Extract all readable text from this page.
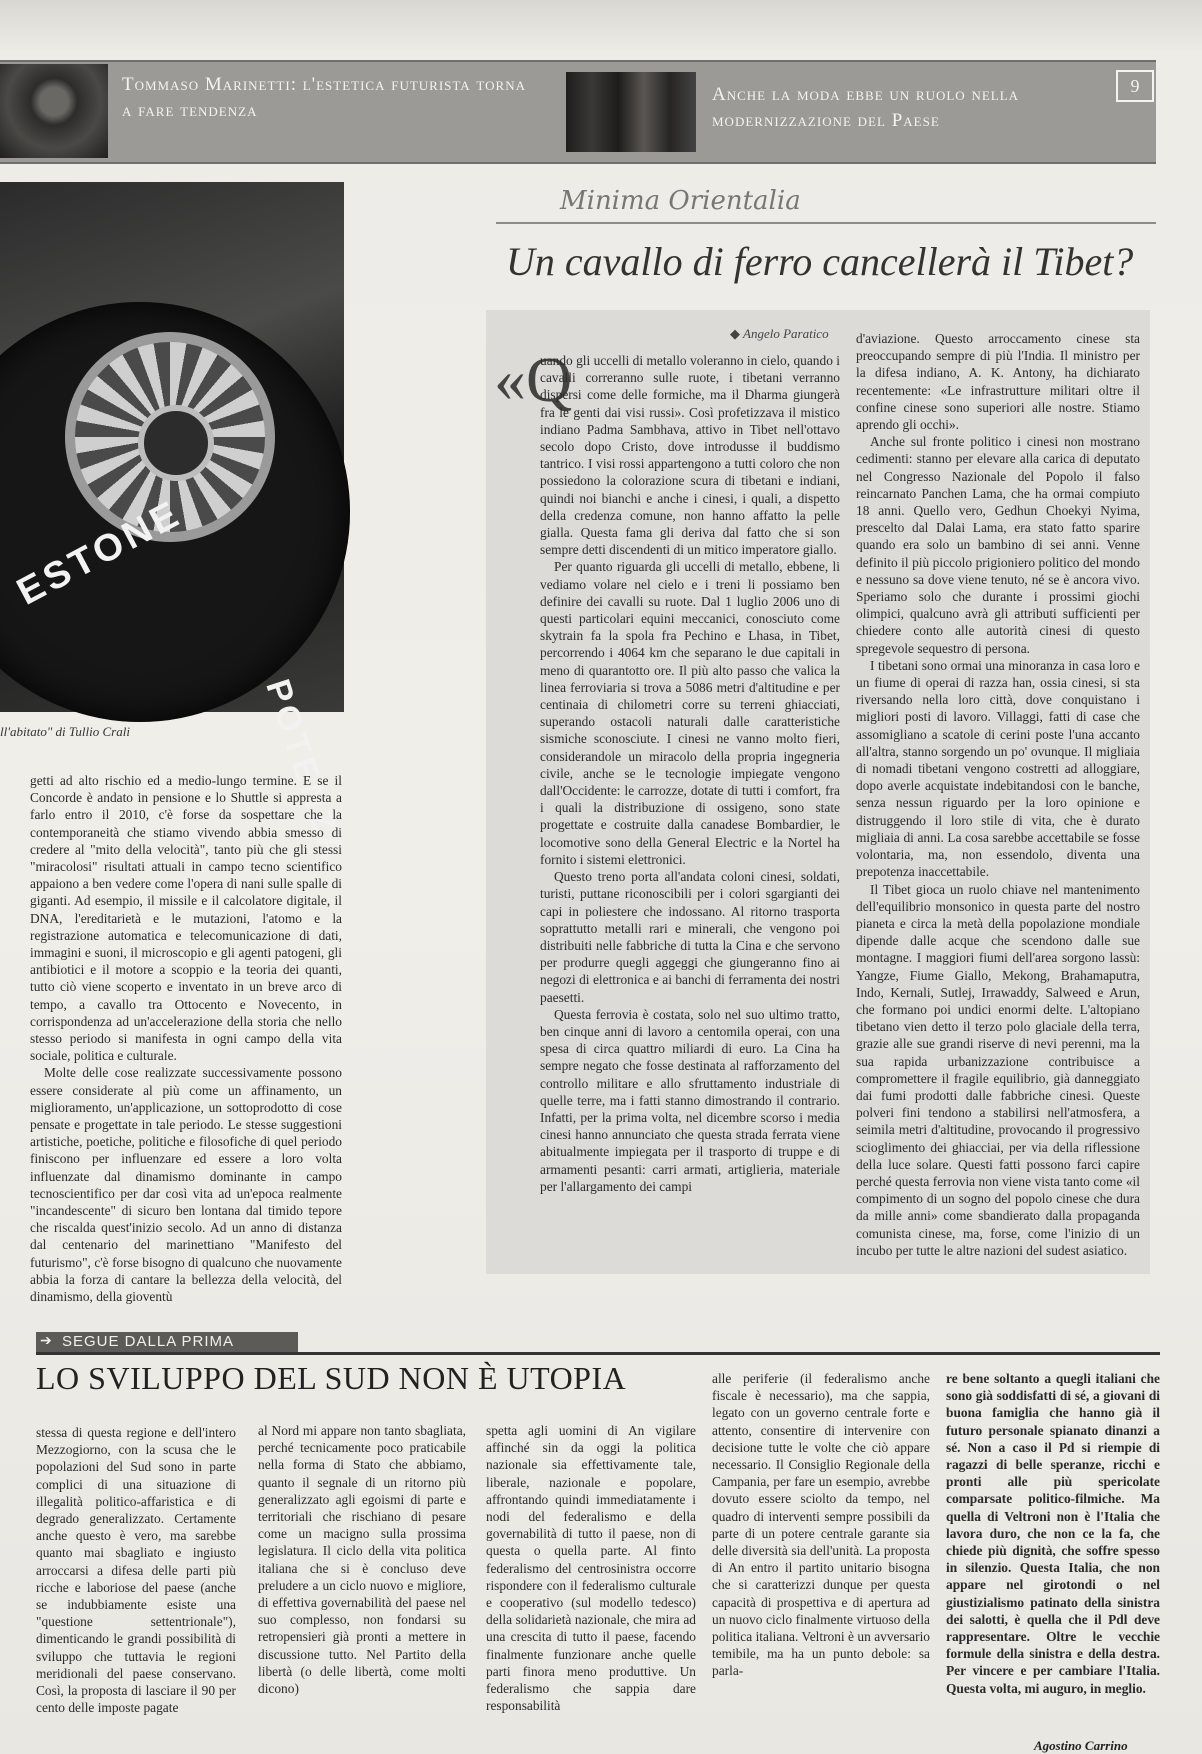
Tommaso Marinetti: l'estetica futurista torna a fare tendenza
Anche la moda ebbe un ruolo nella modernizzazione del Paese
9
ESTONE
POTENZA
ll'abitato" di Tullio Crali

getti ad alto rischio ed a medio-lungo termine. E se il Concorde è andato in pensione e lo Shuttle si appresta a farlo entro il 2010, c'è forse da sospettare che la contemporaneità che stiamo vivendo abbia smesso di credere al "mito della velocità", tanto più che gli stessi "miracolosi" risultati attuali in campo tecno scientifico appaiono a ben vedere come l'opera di nani sulle spalle di giganti. Ad esempio, il missile e il calcolatore digitale, il DNA, l'ereditarietà e le mutazioni, l'atomo e la registrazione automatica e telecomunicazione di dati, immagini e suoni, il microscopio e gli agenti patogeni, gli antibiotici e il motore a scoppio e la teoria dei quanti, tutto ciò viene scoperto e inventato in un breve arco di tempo, a cavallo tra Ottocento e Novecento, in corrispondenza ad un'accelerazione della storia che nello stesso periodo si manifesta in ogni campo della vita sociale, politica e culturale.

Molte delle cose realizzate successivamente possono essere considerate al più come un affinamento, un miglioramento, un'applicazione, un sottoprodotto di cose pensate e progettate in tale periodo. Le stesse suggestioni artistiche, poetiche, politiche e filosofiche di quel periodo finiscono per influenzare ed essere a loro volta influenzate dal dinamismo dominante in campo tecnoscientifico per dar così vita ad un'epoca realmente "incandescente" di sicuro ben lontana dal timido tepore che riscalda quest'inizio secolo. Ad un anno di distanza dal centenario del marinettiano "Manifesto del futurismo", c'è forse bisogno di qualcuno che nuovamente abbia la forza di cantare la bellezza della velocità, del dinamismo, della gioventù

Minima Orientalia
Un cavallo di ferro cancellerà il Tibet?
◆ Angelo Paratico
«Q

uando gli uccelli di metallo voleranno in cielo, quando i cavalli correranno sulle ruote, i tibetani verranno dispersi come delle formiche, ma il Dharma giungerà fra le genti dai visi russi». Così profetizzava il mistico indiano Padma Sambhava, attivo in Tibet nell'ottavo secolo dopo Cristo, dove introdusse il buddismo tantrico. I visi rossi appartengono a tutti coloro che non possiedono la colorazione scura di tibetani e indiani, quindi noi bianchi e anche i cinesi, i quali, a dispetto della credenza comune, non hanno affatto la pelle gialla. Questa fama gli deriva dal fatto che si son sempre detti discendenti di un mitico imperatore giallo.

Per quanto riguarda gli uccelli di metallo, ebbene, li vediamo volare nel cielo e i treni li possiamo ben definire dei cavalli su ruote. Dal 1 luglio 2006 uno di questi particolari equini meccanici, conosciuto come skytrain fa la spola fra Pechino e Lhasa, in Tibet, percorrendo i 4064 km che separano le due capitali in meno di quarantotto ore. Il più alto passo che valica la linea ferroviaria si trova a 5086 metri d'altitudine e per centinaia di chilometri corre su terreni ghiacciati, superando ostacoli naturali dalle caratteristiche sismiche sconosciute. I cinesi ne vanno molto fieri, considerandole un miracolo della propria ingegneria civile, anche se le tecnologie impiegate vengono dall'Occidente: le carrozze, dotate di tutti i comfort, fra i quali la distribuzione di ossigeno, sono state progettate e costruite dalla canadese Bombardier, le locomotive sono della General Electric e la Nortel ha fornito i sistemi elettronici.

Questo treno porta all'andata coloni cinesi, soldati, turisti, puttane riconoscibili per i colori sgargianti dei capi in poliestere che indossano. Al ritorno trasporta soprattutto metalli rari e minerali, che vengono poi distribuiti nelle fabbriche di tutta la Cina e che servono per produrre quegli aggeggi che giungeranno fino ai negozi di elettronica e ai banchi di ferramenta dei nostri paesetti.

Questa ferrovia è costata, solo nel suo ultimo tratto, ben cinque anni di lavoro a centomila operai, con una spesa di circa quattro miliardi di euro. La Cina ha sempre negato che fosse destinata al rafforzamento del controllo militare e allo sfruttamento industriale di quelle terre, ma i fatti stanno dimostrando il contrario. Infatti, per la prima volta, nel dicembre scorso i media cinesi hanno annunciato che questa strada ferrata viene abitualmente impiegata per il trasporto di truppe e di armamenti pesanti: carri armati, artiglieria, materiale per l'allargamento dei campi

d'aviazione. Questo arroccamento cinese sta preoccupando sempre di più l'India. Il ministro per la difesa indiano, A. K. Antony, ha dichiarato recentemente: «Le infrastrutture militari oltre il confine cinese sono superiori alle nostre. Stiamo aprendo gli occhi».

Anche sul fronte politico i cinesi non mostrano cedimenti: stanno per elevare alla carica di deputato nel Congresso Nazionale del Popolo il falso reincarnato Panchen Lama, che ha ormai compiuto 18 anni. Quello vero, Gedhun Choekyi Nyima, prescelto dal Dalai Lama, era stato fatto sparire quando era solo un bambino di sei anni. Venne definito il più piccolo prigioniero politico del mondo e nessuno sa dove viene tenuto, né se è ancora vivo. Speriamo solo che durante i prossimi giochi olimpici, qualcuno avrà gli attributi sufficienti per chiedere conto alle autorità cinesi di questo spregevole sequestro di persona.

I tibetani sono ormai una minoranza in casa loro e un fiume di operai di razza han, ossia cinesi, si sta riversando nella loro città, dove conquistano i migliori posti di lavoro. Villaggi, fatti di case che assomigliano a scatole di cerini poste l'una accanto all'altra, stanno sorgendo un po' ovunque. Il migliaia di nomadi tibetani vengono costretti ad alloggiare, dopo averle acquistate indebitandosi con le banche, senza nessun riguardo per la loro opinione e distruggendo il loro stile di vita, che è durato migliaia di anni. La cosa sarebbe accettabile se fosse volontaria, ma, non essendolo, diventa una prepotenza inaccettabile.

Il Tibet gioca un ruolo chiave nel mantenimento dell'equilibrio monsonico in questa parte del nostro pianeta e circa la metà della popolazione mondiale dipende dalle acque che scendono dalle sue montagne. I maggiori fiumi dell'area sorgono lassù: Yangze, Fiume Giallo, Mekong, Brahamaputra, Indo, Kernali, Sutlej, Irrawaddy, Salweed e Arun, che formano poi undici enormi delte. L'altopiano tibetano vien detto il terzo polo glaciale della terra, grazie alle sue grandi riserve di nevi perenni, ma la sua rapida urbanizzazione contribuisce a compromettere il fragile equilibrio, già danneggiato dai fumi prodotti dalle fabbriche cinesi. Queste polveri fini tendono a stabilirsi nell'atmosfera, a seimila metri d'altitudine, provocando il progressivo scioglimento dei ghiacciai, per via della riflessione della luce solare. Questi fatti possono farci capire perché questa ferrovia non viene vista tanto come «il compimento di un sogno del popolo cinese che dura da mille anni» come sbandierato dalla propaganda comunista cinese, ma, forse, come l'inizio di un incubo per tutte le altre nazioni del sudest asiatico.

SEGUE DALLA PRIMA
➔
LO SVILUPPO DEL SUD NON È UTOPIA

stessa di questa regione e dell'intero Mezzogiorno, con la scusa che le popolazioni del Sud sono in parte complici di una situazione di illegalità politico-affaristica e di degrado generalizzato. Certamente anche questo è vero, ma sarebbe quanto mai sbagliato e ingiusto arroccarsi a difesa delle parti più ricche e laboriose del paese (anche se indubbiamente esiste una "questione settentrionale"), dimenticando le grandi possibilità di sviluppo che tuttavia le regioni meridionali del paese conservano. Così, la proposta di lasciare il 90 per cento delle imposte pagate

al Nord mi appare non tanto sbagliata, perché tecnicamente poco praticabile nella forma di Stato che abbiamo, quanto il segnale di un ritorno più generalizzato agli egoismi di parte e territoriali che rischiano di pesare come un macigno sulla prossima legislatura. Il ciclo della vita politica italiana che si è concluso deve preludere a un ciclo nuovo e migliore, di effettiva governabilità del paese nel suo complesso, non fondarsi su retropensieri già pronti a mettere in discussione tutto. Nel Partito della libertà (o delle libertà, come molti dicono)

spetta agli uomini di An vigilare affinché sin da oggi la politica nazionale sia effettivamente tale, liberale, nazionale e popolare, affrontando quindi immediatamente i nodi del federalismo e della governabilità di tutto il paese, non di questa o quella parte. Al finto federalismo del centrosinistra occorre rispondere con il federalismo culturale e cooperativo (sul modello tedesco) della solidarietà nazionale, che mira ad una crescita di tutto il paese, facendo finalmente funzionare anche quelle parti finora meno produttive. Un federalismo che sappia dare responsabilità

alle periferie (il federalismo anche fiscale è necessario), ma che sappia, legato con un governo centrale forte e attento, consentire di intervenire con decisione tutte le volte che ciò appare necessario. Il Consiglio Regionale della Campania, per fare un esempio, avrebbe dovuto essere sciolto da tempo, nel quadro di interventi sempre possibili da parte di un potere centrale garante sia delle diversità sia dell'unità. La proposta di An entro il partito unitario bisogna che si caratterizzi dunque per questa capacità di prospettiva e di apertura ad un nuovo ciclo finalmente virtuoso della politica italiana. Veltroni è un avversario temibile, ma ha un punto debole: sa parla-

re bene soltanto a quegli italiani che sono già soddisfatti di sé, a giovani di buona famiglia che hanno già il futuro personale spianato dinanzi a sé. Non a caso il Pd si riempie di ragazzi di belle speranze, ricchi e pronti alle più spericolate comparsate politico-filmiche. Ma quella di Veltroni non è l'Italia che lavora duro, che non ce la fa, che chiede più dignità, che soffre spesso in silenzio. Questa Italia, che non appare nel girotondi o nel giustizialismo patinato della sinistra dei salotti, è quella che il Pdl deve rappresentare. Oltre le vecchie formule della sinistra e della destra. Per vincere e per cambiare l'Italia. Questa volta, mi auguro, in meglio.

Agostino Carrino
